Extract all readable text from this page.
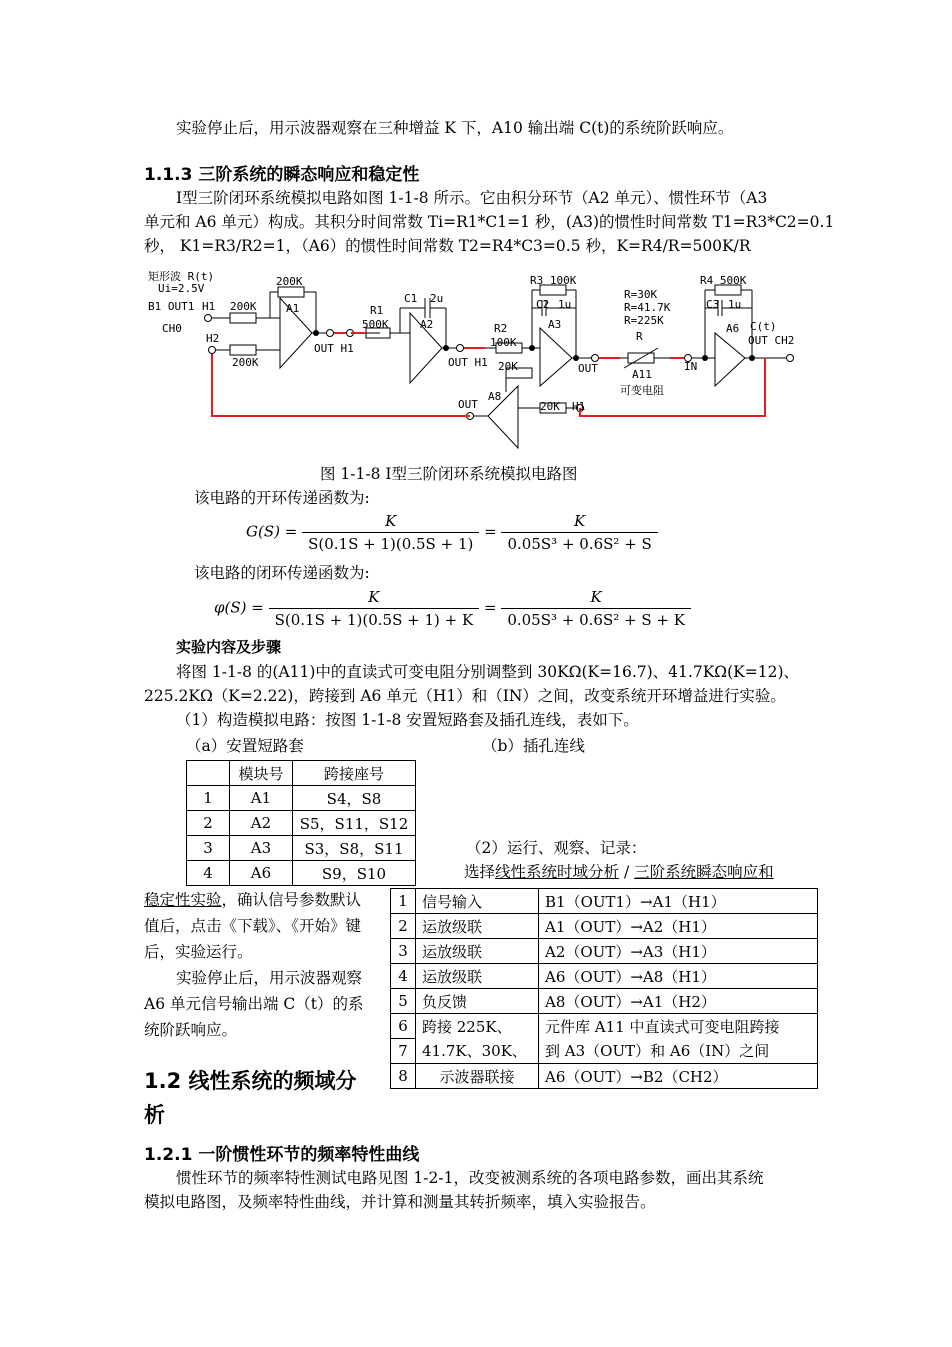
实验停止后，用示波器观察在三种增益 K 下，A10 输出端 C(t)的系统阶跃响应。
1.1.3 三阶系统的瞬态响应和稳定性
Ⅰ型三阶闭环系统模拟电路如图 1-1-8 所示。它由积分环节（A2 单元）、惯性环节（A3
单元和 A6 单元）构成。其积分时间常数 Ti=R1*C1=1 秒，(A3)的惯性时间常数 T1=R3*C2=0.1
秒， K1=R3/R2=1，（A6）的惯性时间常数 T2=R4*C3=0.5 秒，K=R4/R=500K/R
矩形波 R(t)
Ui=2.5V
B1 OUT1 H1
CH0
H2
200K
200K
200K
A1
OUT H1
R1
500K
C1 2u
A2
OUT H1
R2
100K
R3 100K
C2 1u
A3
20K	OUT
A8
OUT	20K H1
R=30K
R=41.7K
R=225K
R
A11
可变电阻
IN
R4 500K
C3 1u
A6 C(t)
OUT CH2
图 1-1-8 Ⅰ型三阶闭环系统模拟电路图
该电路的开环传递函数为:
$G(S) = \frac{K}{S(0.1S + 1)(0.5S + 1)} = \frac{K}{\text{0.05S³ + 0.6S² + S}}$
该电路的闭环传递函数为:
$\varphi(S) = \frac{K}{S(0.1S + 1)(0.5S + 1) + K} = \frac{K}{\text{0.05S³ + 0.6S² + S + K}}$
实验内容及步骤
将图 1-1-8 的(A11)中的直读式可变电阻分别调整到 30KΩ(K=16.7)、41.7KΩ(K=12)、
225.2KΩ（K=2.22)，跨接到 A6 单元（H1）和（IN）之间，改变系统开环增益进行实验。
（1）构造模拟电路：按图 1-1-8 安置短路套及插孔连线，表如下。
（a）安置短路套	（b）插孔连线
	模块号	跨接座号
1	A1	S4，S8
2	A2	S5，S11，S12
3	A3	S3，S8，S11
4	A6	S9，S10
（2）运行、观察、记录：
选择线性系统时域分析 / 三阶系统瞬态响应和
稳定性实验，确认信号参数默认
值后，点击《下载》、《开始》键
后，实验运行。
实验停止后，用示波器观察
A6 单元信号输出端 C（t）的系
统阶跃响应。
1	信号输入	B1（OUT1）→A1（H1）
2	运放级联	A1（OUT）→A2（H1）
3	运放级联	A2（OUT）→A3（H1）
4	运放级联	A6（OUT）→A8（H1）
5	负反馈	A8（OUT）→A1（H2）
6	跨接 225K、	元件库 A11 中直读式可变电阻跨接
7	41.7K、30K、	到 A3（OUT）和 A6（IN）之间
8	示波器联接	A6（OUT）→B2（CH2）
1.2 线性系统的频域分
析
1.2.1 一阶惯性环节的频率特性曲线
惯性环节的频率特性测试电路见图 1-2-1，改变被测系统的各项电路参数，画出其系统
模拟电路图，及频率特性曲线，并计算和测量其转折频率，填入实验报告。
